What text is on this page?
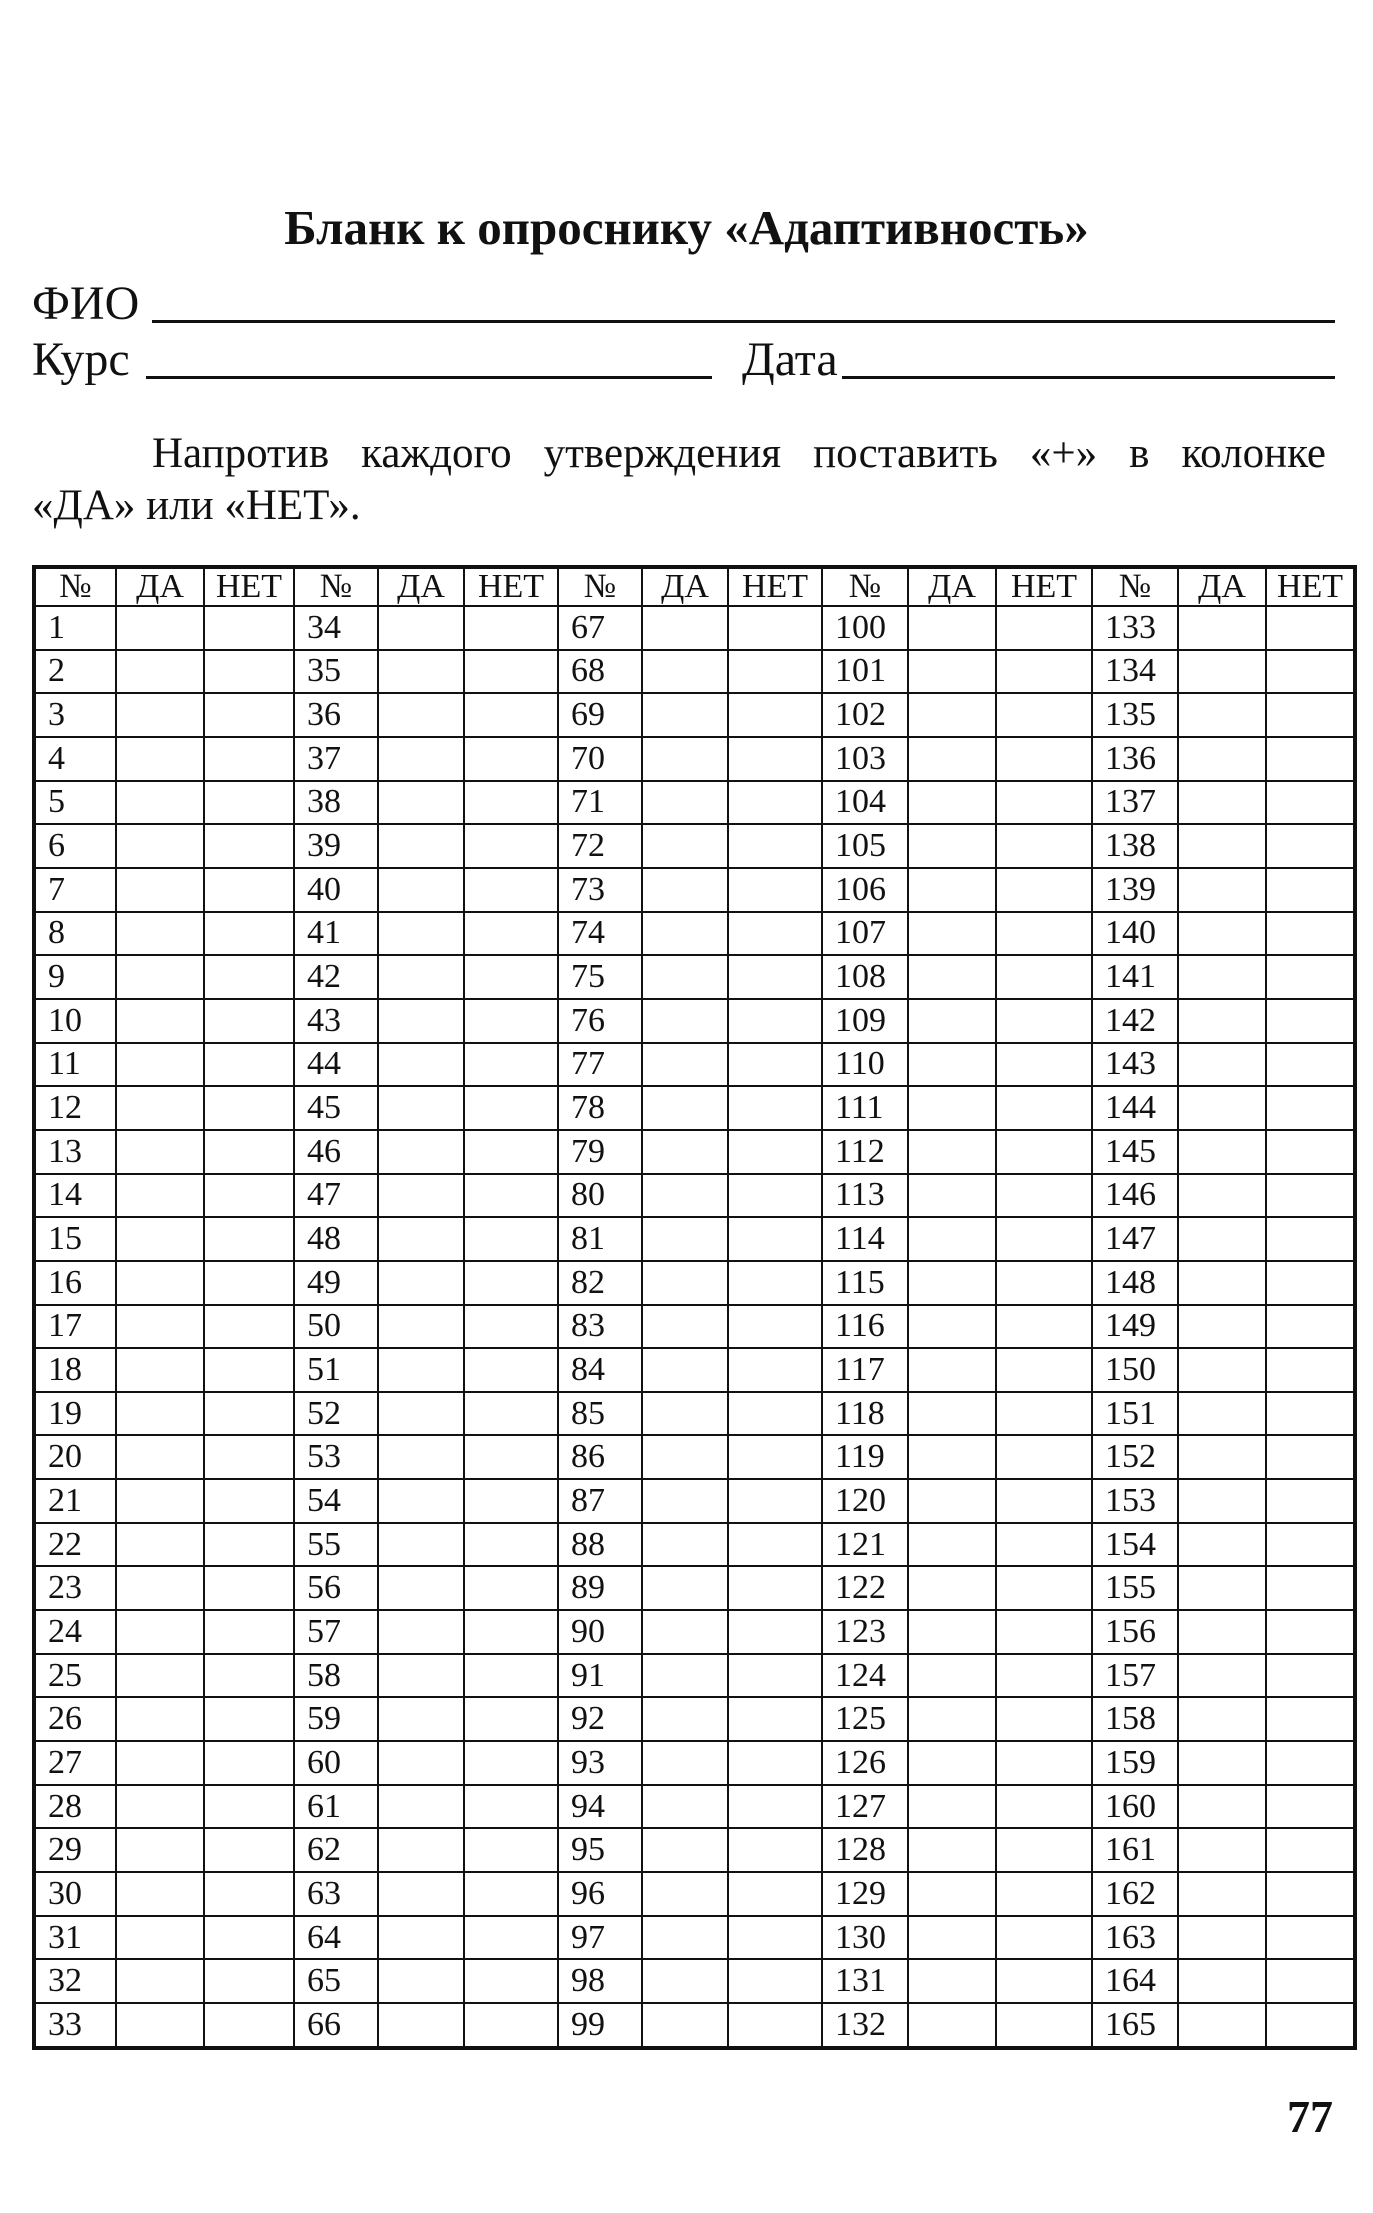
Бланк к опроснику «Адаптивность»
ФИО
Курс	Дата
Напротив каждого утверждения поставить «+» в колонке
«ДА» или «НЕТ».
№	ДА	НЕТ	№	ДА	НЕТ	№	ДА	НЕТ	№	ДА	НЕТ	№	ДА	НЕТ
1			34			67			100			133		
2			35			68			101			134		
3			36			69			102			135		
4			37			70			103			136		
5			38			71			104			137		
6			39			72			105			138		
7			40			73			106			139		
8			41			74			107			140		
9			42			75			108			141		
10			43			76			109			142		
11			44			77			110			143		
12			45			78			111			144		
13			46			79			112			145		
14			47			80			113			146		
15			48			81			114			147		
16			49			82			115			148		
17			50			83			116			149		
18			51			84			117			150		
19			52			85			118			151		
20			53			86			119			152		
21			54			87			120			153		
22			55			88			121			154		
23			56			89			122			155		
24			57			90			123			156		
25			58			91			124			157		
26			59			92			125			158		
27			60			93			126			159		
28			61			94			127			160		
29			62			95			128			161		
30			63			96			129			162		
31			64			97			130			163		
32			65			98			131			164		
33			66			99			132			165		
77
